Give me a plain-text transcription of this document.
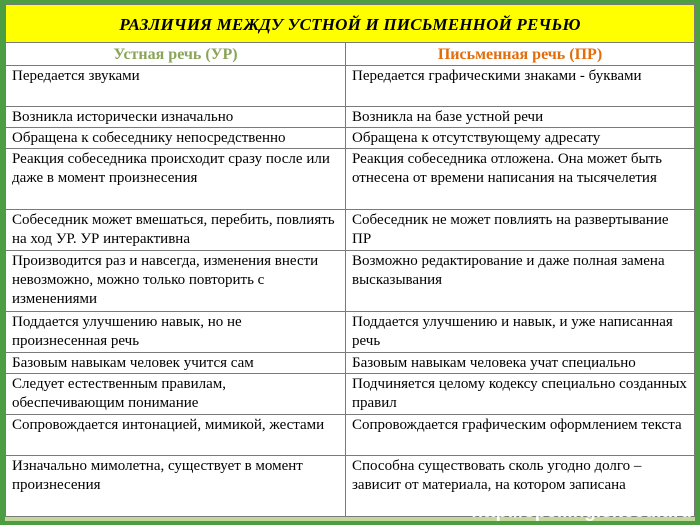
РАЗЛИЧИЯ МЕЖДУ УСТНОЙ И ПИСЬМЕННОЙ РЕЧЬЮ	
Устная речь (УР)	Письменная речь (ПР)
Передается звуками	Передается графическими знаками - буквами
Возникла исторически изначально	Возникла на базе устной речи
Обращена к собеседнику непосредственно	Обращена к отсутствующему адресату
Реакция собеседника происходит сразу после или даже в момент произнесения	Реакция собеседника отложена. Она может быть отнесена от времени написания на тысячелетия
Собеседник может вмешаться, перебить, повлиять на ход УР. УР интерактивна	Собеседник не может повлиять на развертывание ПР
Производится раз и навсегда, изменения внести невозможно, можно только повторить с изменениями	Возможно редактирование и даже полная замена высказывания
Поддается улучшению навык, но не произнесенная речь	Поддается улучшению и навык, и уже написанная речь
Базовым навыкам человек учится сам	Базовым навыкам человека учат специально
Следует естественным правилам, обеспечивающим понимание	Подчиняется целому кодексу специально созданных правил
Сопровождается интонацией, мимикой, жестами	Сопровождается графическим оформлением текста
Изначально мимолетна, существует в момент произнесения	Способна существовать сколь угодно долго – зависит от материала, на котором записана
http://spelling.siteedit.ru
